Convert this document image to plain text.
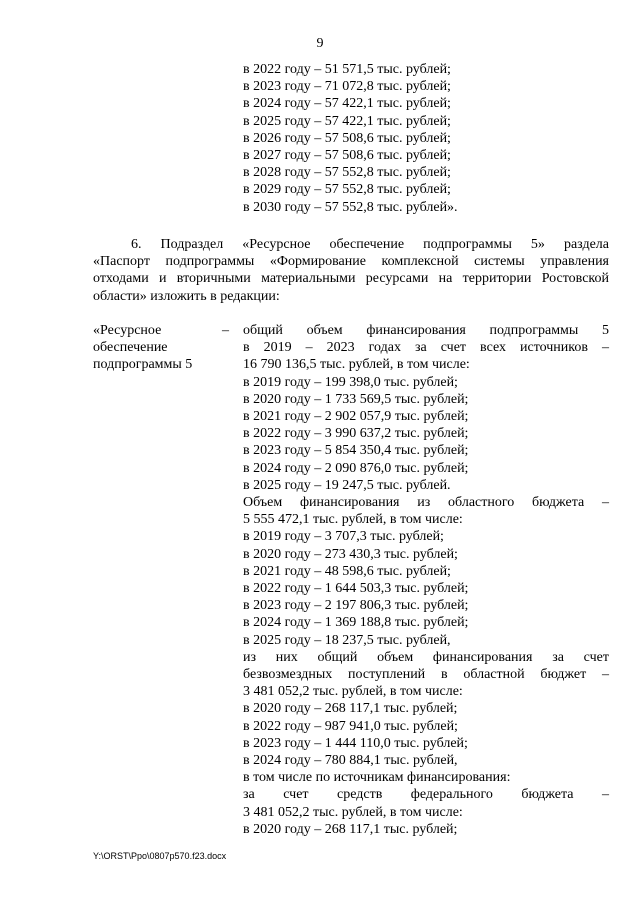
9
в 2022 году – 51 571,5 тыс. рублей;
в 2023 году – 71 072,8 тыс. рублей;
в 2024 году – 57 422,1 тыс. рублей;
в 2025 году – 57 422,1 тыс. рублей;
в 2026 году – 57 508,6 тыс. рублей;
в 2027 году – 57 508,6 тыс. рублей;
в 2028 году – 57 552,8 тыс. рублей;
в 2029 году – 57 552,8 тыс. рублей;
в 2030 году – 57 552,8 тыс. рублей».
6. Подраздел «Ресурсное обеспечение подпрограммы 5» раздела
«Паспорт подпрограммы «Формирование комплексной системы управления
отходами и вторичными материальными ресурсами на территории Ростовской
области» изложить в редакции:
«Ресурсное
обеспечение
подпрограммы 5
– общий объем финансирования подпрограммы 5
в 2019 – 2023 годах за счет всех источников –
16 790 136,5 тыс. рублей, в том числе:
в 2019 году – 199 398,0 тыс. рублей;
в 2020 году – 1 733 569,5 тыс. рублей;
в 2021 году – 2 902 057,9 тыс. рублей;
в 2022 году – 3 990 637,2 тыс. рублей;
в 2023 году – 5 854 350,4 тыс. рублей;
в 2024 году – 2 090 876,0 тыс. рублей;
в 2025 году – 19 247,5 тыс. рублей.
Объем финансирования из областного бюджета –
5 555 472,1 тыс. рублей, в том числе:
в 2019 году – 3 707,3 тыс. рублей;
в 2020 году – 273 430,3 тыс. рублей;
в 2021 году – 48 598,6 тыс. рублей;
в 2022 году – 1 644 503,3 тыс. рублей;
в 2023 году – 2 197 806,3 тыс. рублей;
в 2024 году – 1 369 188,8 тыс. рублей;
в 2025 году – 18 237,5 тыс. рублей,
из них общий объем финансирования за счет
безвозмездных поступлений в областной бюджет –
3 481 052,2 тыс. рублей, в том числе:
в 2020 году – 268 117,1 тыс. рублей;
в 2022 году – 987 941,0 тыс. рублей;
в 2023 году – 1 444 110,0 тыс. рублей;
в 2024 году – 780 884,1 тыс. рублей,
в том числе по источникам финансирования:
за счет средств федерального бюджета –
3 481 052,2 тыс. рублей, в том числе:
в 2020 году – 268 117,1 тыс. рублей;
Y:\ORST\Ppo\0807p570.f23.docx
